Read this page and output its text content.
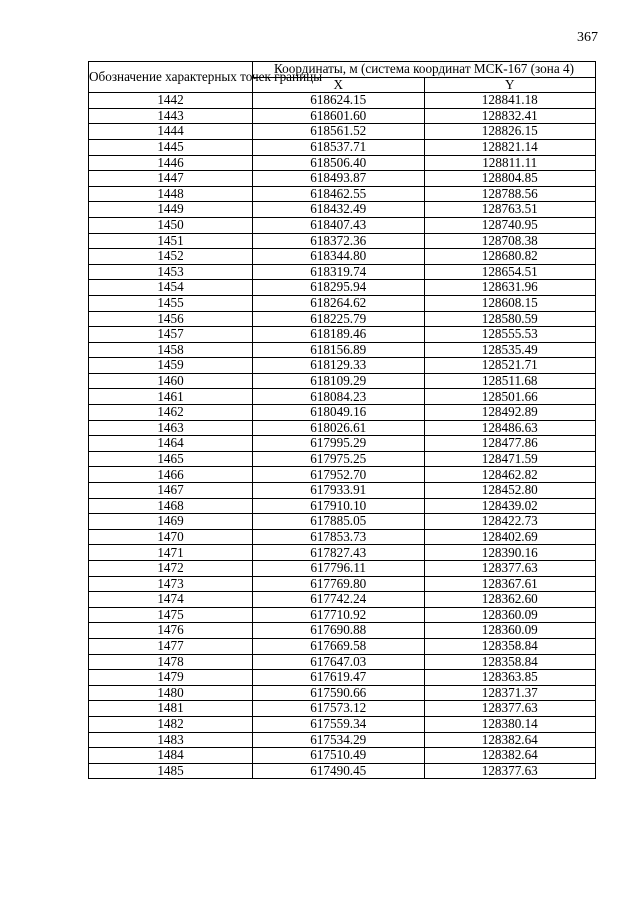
367
Обозначение характерных точек границы	Координаты, м (система координат МСК-167 (зона 4)	
	X	Y
1442	618624.15	128841.18
1443	618601.60	128832.41
1444	618561.52	128826.15
1445	618537.71	128821.14
1446	618506.40	128811.11
1447	618493.87	128804.85
1448	618462.55	128788.56
1449	618432.49	128763.51
1450	618407.43	128740.95
1451	618372.36	128708.38
1452	618344.80	128680.82
1453	618319.74	128654.51
1454	618295.94	128631.96
1455	618264.62	128608.15
1456	618225.79	128580.59
1457	618189.46	128555.53
1458	618156.89	128535.49
1459	618129.33	128521.71
1460	618109.29	128511.68
1461	618084.23	128501.66
1462	618049.16	128492.89
1463	618026.61	128486.63
1464	617995.29	128477.86
1465	617975.25	128471.59
1466	617952.70	128462.82
1467	617933.91	128452.80
1468	617910.10	128439.02
1469	617885.05	128422.73
1470	617853.73	128402.69
1471	617827.43	128390.16
1472	617796.11	128377.63
1473	617769.80	128367.61
1474	617742.24	128362.60
1475	617710.92	128360.09
1476	617690.88	128360.09
1477	617669.58	128358.84
1478	617647.03	128358.84
1479	617619.47	128363.85
1480	617590.66	128371.37
1481	617573.12	128377.63
1482	617559.34	128380.14
1483	617534.29	128382.64
1484	617510.49	128382.64
1485	617490.45	128377.63
